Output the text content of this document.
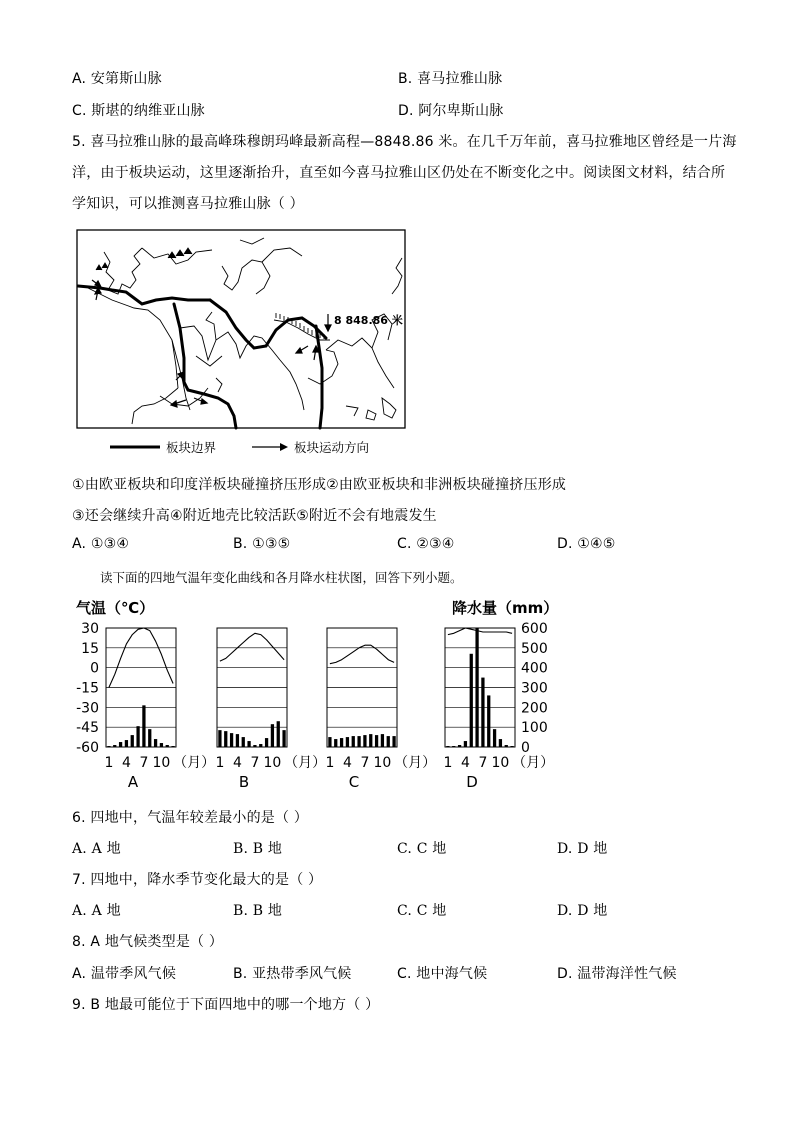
A. 安第斯山脉	B. 喜马拉雅山脉
C. 斯堪的纳维亚山脉	D. 阿尔卑斯山脉
5. 喜马拉雅山脉的最高峰珠穆朗玛峰最新高程—8848.86 米。在几千万年前，喜马拉雅地区曾经是一片海
洋，由于板块运动，这里逐渐抬升，直至如今喜马拉雅山区仍处在不断变化之中。阅读图文材料，结合所
学知识，可以推测喜马拉雅山脉（ ）
8 848.86 米
板块边界	板块运动方向
①由欧亚板块和印度洋板块碰撞挤压形成②由欧亚板块和非洲板块碰撞挤压形成
③还会继续升高④附近地壳比较活跃⑤附近不会有地震发生
A. ①③④	B. ①③⑤	C. ②③④	D. ①④⑤
读下面的四地气温年变化曲线和各月降水柱状图，回答下列小题。
气温（℃）	降水量（mm）
30
15
0
-15
-30
-45
-60
600
500
400
300
200
100
0
1 4 7 10 （月）
A
1 4 7 10 （月）
B
1 4 7 10 （月）
C
1 4 7 10 （月）
D
6. 四地中，气温年较差最小的是（ ）
A. A 地	B. B 地	C. C 地	D. D 地
7. 四地中，降水季节变化最大的是（ ）
A. A 地	B. B 地	C. C 地	D. D 地
8. A 地气候类型是（ ）
A. 温带季风气候	B. 亚热带季风气候	C. 地中海气候	D. 温带海洋性气候
9. B 地最可能位于下面四地中的哪一个地方（ ）
